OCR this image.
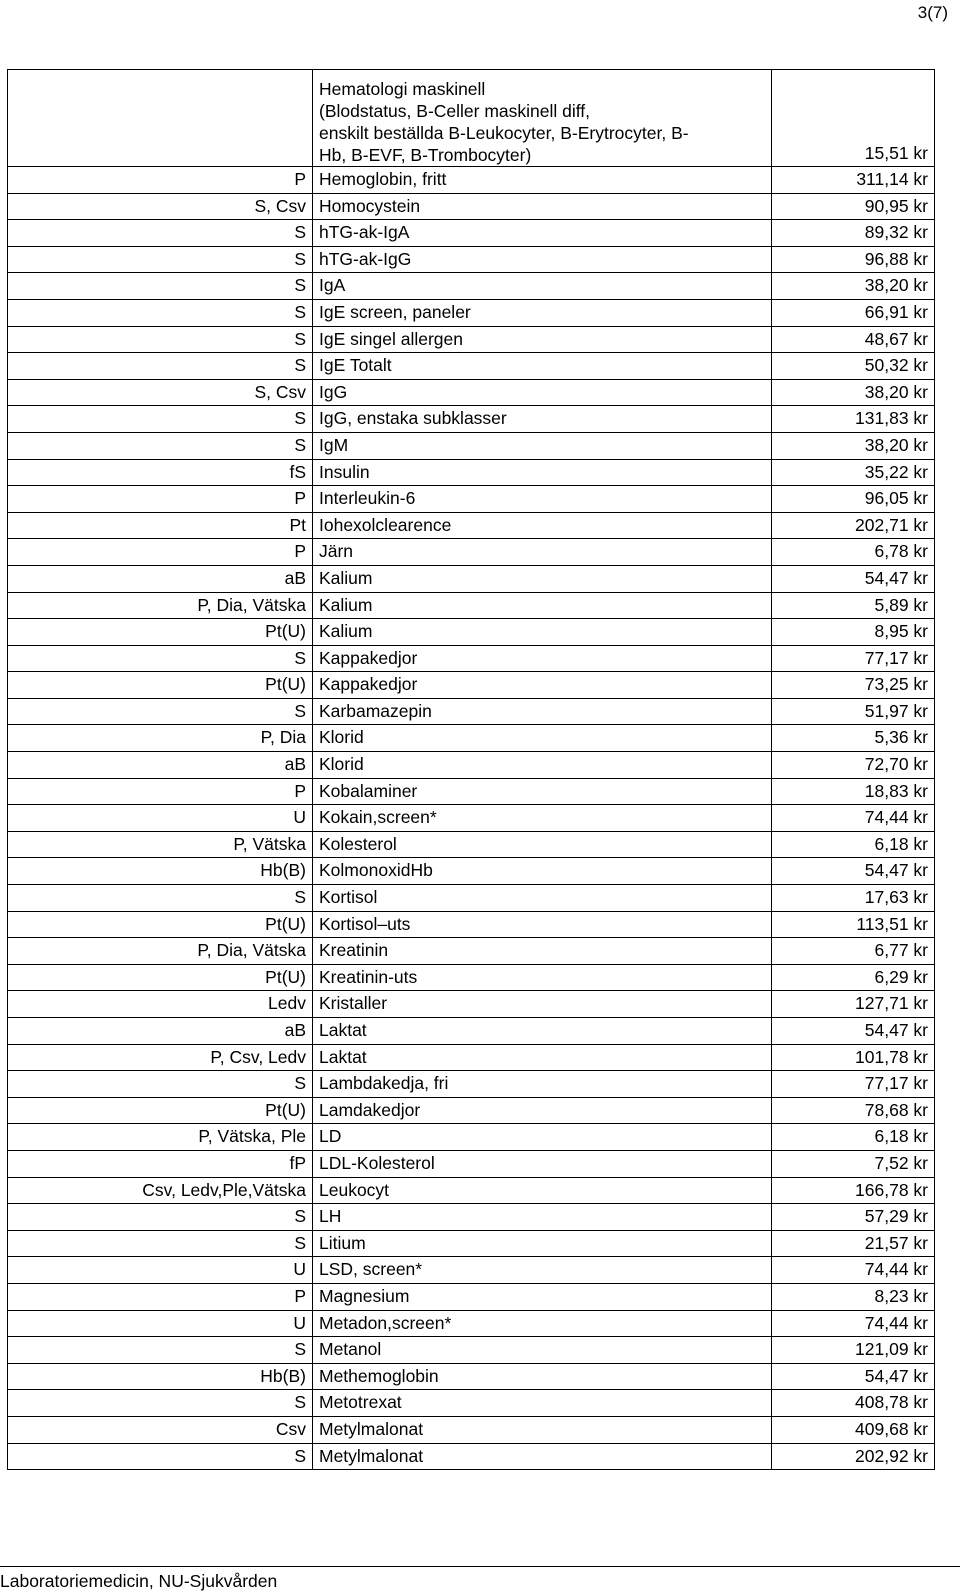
3(7)

	Hematologi maskinell
(Blodstatus, B-Celler maskinell diff,
enskilt beställda B-Leukocyter, B-Erytrocyter, B-
Hb, B-EVF, B-Trombocyter)	15,51 kr
P	Hemoglobin, fritt	311,14 kr
S, Csv	Homocystein	90,95 kr
S	hTG-ak-IgA	89,32 kr
S	hTG-ak-IgG	96,88 kr
S	IgA	38,20 kr
S	IgE screen, paneler	66,91 kr
S	IgE singel allergen	48,67 kr
S	IgE Totalt	50,32 kr
S, Csv	IgG	38,20 kr
S	IgG, enstaka subklasser	131,83 kr
S	IgM	38,20 kr
fS	Insulin	35,22 kr
P	Interleukin-6	96,05 kr
Pt	Iohexolclearence	202,71 kr
P	Järn	6,78 kr
aB	Kalium	54,47 kr
P, Dia, Vätska	Kalium	5,89 kr
Pt(U)	Kalium	8,95 kr
S	Kappakedjor	77,17 kr
Pt(U)	Kappakedjor	73,25 kr
S	Karbamazepin	51,97 kr
P, Dia	Klorid	5,36 kr
aB	Klorid	72,70 kr
P	Kobalaminer	18,83 kr
U	Kokain,screen*	74,44 kr
P, Vätska	Kolesterol	6,18 kr
Hb(B)	KolmonoxidHb	54,47 kr
S	Kortisol	17,63 kr
Pt(U)	Kortisol–uts	113,51 kr
P, Dia, Vätska	Kreatinin	6,77 kr
Pt(U)	Kreatinin-uts	6,29 kr
Ledv	Kristaller	127,71 kr
aB	Laktat	54,47 kr
P, Csv, Ledv	Laktat	101,78 kr
S	Lambdakedja, fri	77,17 kr
Pt(U)	Lamdakedjor	78,68 kr
P, Vätska, Ple	LD	6,18 kr
fP	LDL-Kolesterol	7,52 kr
Csv, Ledv,Ple,Vätska	Leukocyt	166,78 kr
S	LH	57,29 kr
S	Litium	21,57 kr
U	LSD, screen*	74,44 kr
P	Magnesium	8,23 kr
U	Metadon,screen*	74,44 kr
S	Metanol	121,09 kr
Hb(B)	Methemoglobin	54,47 kr
S	Metotrexat	408,78 kr
Csv	Metylmalonat	409,68 kr
S	Metylmalonat	202,92 kr
Laboratoriemedicin, NU-Sjukvården
